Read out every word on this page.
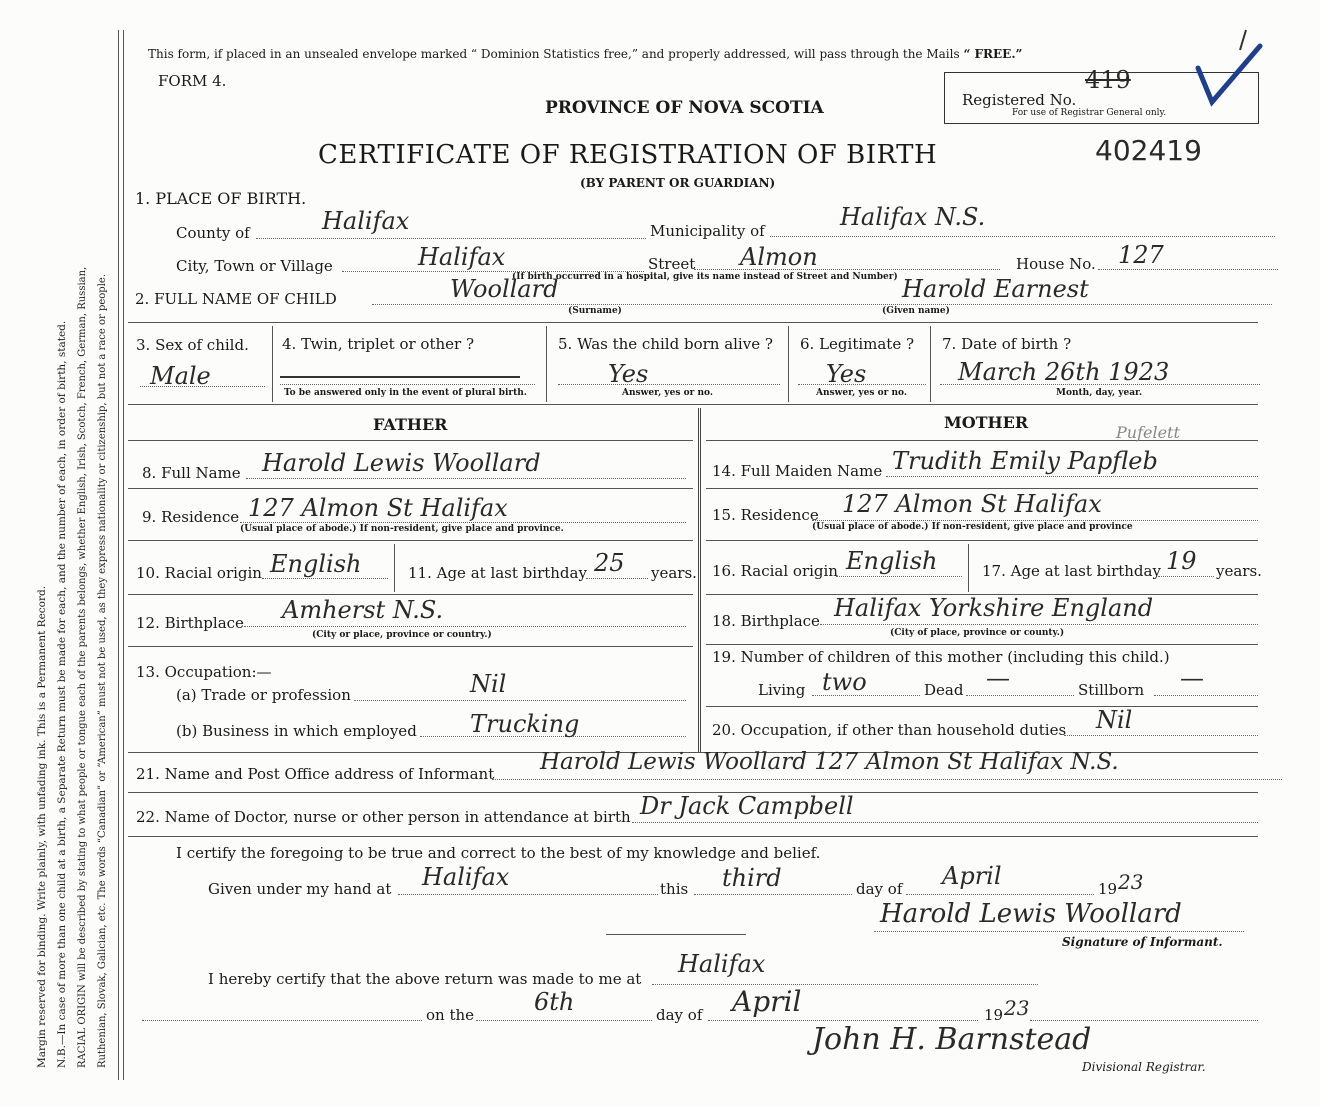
Margin reserved for binding. Write plainly, with unfading ink. This is a Permanent Record. N.B.—In case of more than one child at a birth, a Separate Return must be made for each, and the number of each, in order of birth, stated. RACIAL ORIGIN will be described by stating to what people or tongue each of the parents belongs, whether English, Irish, Scotch, French, German, Russian, Ruthenian, Slovak, Galician, etc. The words “Canadian” or “American” must not be used, as they express nationality or citizenship, but not a race or people.
This form, if placed in an unsealed envelope marked “ Dominion Statistics free,” and properly addressed, will pass through the Mails “ FREE.”
FORM 4.
PROVINCE OF NOVA SCOTIA
CERTIFICATE OF REGISTRATION OF BIRTH	402419
(BY PARENT OR GUARDIAN)
Registered No.
419
For use of Registrar General only.
1. PLACE OF BIRTH.
County of	Halifax	Municipality of	Halifax N.S.
City, Town or Village	Halifax	Street Almon
(If birth occurred in a hospital, give its name instead of Street and Number)
House No. 127
2. FULL NAME OF CHILD	Woollard	Harold Earnest
(Surname)	(Given name)
3. Sex of child.
Male
4. Twin, triplet or other ?
To be answered only in the event of plural birth.
5. Was the child born alive ?
Yes
Answer, yes or no.
6. Legitimate ?
Yes
Answer, yes or no.
7. Date of birth ?
March 26th 1923
Month, day, year.
FATHER	MOTHER
8. Full Name Harold Lewis Woollard
9. Residence 127 Almon St Halifax
(Usual place of abode.) If non-resident, give place and province.
10. Racial origin English	11. Age at last birthday 25 years.
12. Birthplace Amherst N.S.
(City or place, province or country.)
13. Occupation:—
(a) Trade or profession	Nil
(b) Business in which employed Trucking
14. Full Maiden Name Trudith Emily Papfleb
Pufelett
15. Residence 127 Almon St Halifax
(Usual place of abode.) If non-resident, give place and province
16. Racial origin English	17. Age at last birthday 19 years.
18. Birthplace Halifax Yorkshire England
(City of place, province or county.)
19. Number of children of this mother (including this child.)
Living two	Dead —	Stillborn —
20. Occupation, if other than household duties Nil
21. Name and Post Office address of Informant Harold Lewis Woollard 127 Almon St Halifax N.S.
22. Name of Doctor, nurse or other person in attendance at birth Dr Jack Campbell
I certify the foregoing to be true and correct to the best of my knowledge and belief.
Given under my hand at Halifax	this third	day of April	19 23
Harold Lewis Woollard
Signature of Informant.
I hereby certify that the above return was made to me at
Halifax
on the 6th	day of April	19 23
John H. Barnstead
Divisional Registrar.
